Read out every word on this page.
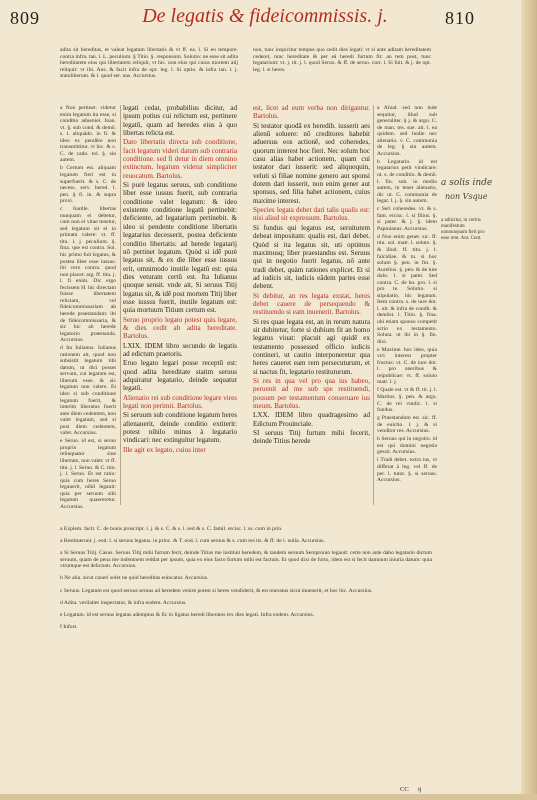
809	De legatis & fideicommissis. j.	810
adita sit hereditas, et valeat legatum libertatis & vt ff. ea. l. Si eo tempore. contra infra. tan. l. L. peculium. § Titio. §. responsum. Solutio: ne esse sit adita hereditatem eius qui libertatem reliquit, vt hic. non eius qui cuius mortem alij reliquit: vt ibi. Ans. & facit infra de opt. leg. l. Si optio. & infra tan. l. j. statuliberum. & l. quod ser. uus. Accursius.
non, tunc inspicitur tempus quo cedit dies legati: vt si ante aditam hereditatem cederet, tunc hereditate & per eā heredi furtum fit: an tem post, tunc legatarium: vt. j. tit. j. l. quod Seruo. & ff. de seruo. corr. l. Si fuit. & j. de opt. leg. l. si heres.

a Non pertinet. videtur enim legatum ita esse, si conditio adueniet. Ioan. vt. §. sub cond. & demõ. s. l. aliquādo. in fi. & ideo ex pendēre non transmittitur. vt hic. & s. C. de cadu. tol. §. sin autem.

b Certum est. aliquam legatum fieri est in superfuerit. & s. C. de necess. serv. hered. l. pen. § fi. in. & supra proxi.

c Inutile. libertas nunquam ei debetur, cum non ei vitae tenetur, sed legatum sit ei in primam valere: vt. ff. titu. l. j. peculium. §. fina. que est contra. Sol. hic primo fuit legatus, & postea liber esse iussus: ibi vero contra. quod non placet: arg. ff. titu. j. l. fi enim. Dic ergo fecissem H. hic directam fuisse libertatem relictam, vel fideicommissariam ab herede praestandam: ibi de fideicommissaria, & sic hic ab herede legatorio praestanda. Accursius.

d Ita Iulianus. Iulianus rationem ait, quod non subsistit legatum tibi datum, ut dici posset servum, cui legatum est, liberum esse. & sic legatum non valere. Et ideo si sub conditione legatum fuerit, & interim liberatus fuerit ante diem cedentem, non valet legatum, sed si post diem cedentem, valet. Accursius.

e Seruo. id est, si seruo proprio legatum relinquatur sine libertate, non valet: vt ff. titu. j. l. Seruo. & C. titu. j. l. Seruo. Et est ratio: quia cum heres Seruo legauerit, nihil legauit: quia per seruum sibi legatum quaereretur. Accursius.

legati cedat, probabilius dicitur, ad ipsum potius cui relictum est, pertinere legatũ, quam ad heredes eius à quo libertas relicta est.

Dato libertatis directa sub conditione, facit legatum videri datum sub contraria conditione. sed fi detur in diem omnino extinctum, legatum videtur simpliciter reuocatum. Bartolus.

Si purè legatus seruus, sub conditione liber esse iussus fuerit, sub contraria conditione valet legatum: & ideo existente conditione legatū pertinebit: deficiente, ad legatarium pertinebit. & ideo si pendente conditione libertatis legatarius decesserit, postea deficiente conditio libertatis: ad herede legatarij nõ pertinet legatum. Quòd si idē purè legatus sit, & ex die liber esse iussus erit, omnimodo inutile legatũ est: quia dies veturam certū est. Ita Iulianus quoque sensit. vnde ait, Si seruus Titij legatus sit, & idē post mortem Titij liber esse iussus fuerit, inutile legatum est: quia mortuum Titium certum est.

Seruo proprio legato potest quis legare, & dies cedit ab adita hereditate. Bartolus.

LXIX. IDEM libro secundo de legatis ad edictum praetoris.

Eruo legato legari posse receptū est: quod adita hereditate statim seruus adquiratur legatario, deinde sequatur legatū.

Alienatio rei sub conditione legare vires legati non perimit. Bartolus.

Si seruum sub conditione legatum heres alienauerit, deinde conditio extiterit: potest nihilo minus à legatario vindicari: nec extinguitur legatum.

Ille agit ex legato, cuius inter

est, licet ad eum verba non dirigantur. Bartolus.

Si testator quodā ex heredib. iusserit aes alienū soluere: nõ creditores habebit aduersus eos actionē, sed coheredes, quorum interest hoc fieri. Nec solum hoc casu alias habet actionem, quam cui testator dari iusserit: sed aliquoquin, veluti si filiae nomine genero aut sponsi dotem dari iusserit, non enim gener aut sponsus, sed filia habet actionem, cuius maxime interest.

Species legata debet dari talis qualis est: nisi aliud sit expressum. Bartolus.

Si fundus qui legatus est, seruitutem debeat impositam: qualis est, dari debet. Quòd si ita legatus sit, uti optimus maximusq; liber praestandus est. Seruus qui in negotio fuerit legatus, nõ ante tradi debet, quàm rationes explicet. Et si ad iudicis sit, iudicis eādem partes esse debent.

Si debitur, an res legata exstat, heres debet cauere de persequendo & restituendo si eam inuenerit. Bartolus.

Si res quae legata est, an in rerum natura sit dubitetur, forte si dubium fit an homo legatus viuat: placuit agi quidē ex testamento possessed officio iudicis contineri, ut cautio interponeretur qua heres caueret eam rem persecuturum, et si nactus fit, legatario restituturum.

Si res in qua vel pro qua ius habeo, peruenit ad me sub spe restituendi, possum per testamentum conseruare ius meum. Bartolus.

LXX. IDEM libro quadragesimo ad Edictum Prouinciale.

SI seruus Titij furtum mihi fecerit, deinde Titius herede

a Aliud. sed non inde sequitur, illud sub generaliter. § j. & argu. C. de man. tes. sue. ait. l. ea quidem. sed hodie nec alienatio. v. C. communia de leg. § sin autem. Accursius.

b Legatario. id est legatarius petit vindicare: ut. s. de conditio. & demõ. l. fin. sub. in medio autem, in tenet alienatio, dic ut. C. communia de legat. l. j. §. sin autem.

c Seri coheredes. vt. & s. fam. ercisc. l. si filius. §. si pater. & j. §. idem Papinianus. Accursius.

d Non enim gener. sic. ff. titu. sol. matr. l. soluto. §. & illud. ff. titu. j. l. falcidiae. & tu. si hoc solum §. pen. in fin. §. Aurelius. §. pen. & de tute dolo. l. si pater. Sed contra. C. de ho. pro. l. si pro te. Solutio. si stipulatio, hic legatum. Item contra. s. de iure dot. l. ult. & infra de condit. & demõst. l. Titio. §. fina. ubi etiam sponso competit actio ex testamento. Soluta. ut ibi in §. fin. dixi.

e Maxime. hoc ideo, quia viri interest propter fructus: vt. C. de iure dot. l. pro oneribus & reipublicae: vt. ff. soluto matr. l. j.

f Quale est. vt & ff. tit. j. l. Martius. §. pen. & argu. C. de rei vindic. l. si fundus.

g Praestandum est. sic. ff. de euictio. l. j. & si venditor res. Accursius.

h Seruus qui in negotio. id est qui domini negotia gessit. Accursius.

i Tradi debet. extra ius, vt differat à leg. vel ff. de per. l. tutor. §. si seruus. Accursius.

a adiicitur, in verbis manifestum nonnunquam fieri pro esse rem. Ant. Cont.
a solis inde
non Vsque

a Explem. facit. C. de bonis proscript. l. j. & s. C. & s. l. sed & s. C. famil. ercisc. l. ss. cum in prin.

a Restituerunt. j. eod. l. si seruus legatus. in princ. & T. eod. l. cum seruus & s. cum res tis. & ff. de l. nulla. Accursius.

a Si Seruus Titij. Casus. Seruus Titij mihi furtum fecit, deinde Titius me instituit heredem, & tandem seruum Sempronio legauit: certe non ante dabo legatario dictum seruum, quam de pena me indemnem reddat per ipsum, quia ex eius facto furtum mihi est factum. Et quod dixi de furto, idem est si fecit damnum iniuria datum: quia vtrumque est delictum. Accursius.

b Ne alia. sicut caueri solet ne quid hereditas euincatur. Accursius.

c Seruus. Legatum est quod seruus seruus ad heredem venire potest si heres vendiderit, & est oneratus sicut inuenerit, et hoc hic. Accursius.

d Adita. verilaiter inspectatur, & infra eodem. Accursius.

e Legatum. id est seruus legatus ademptus & fic in ligatus heredi liberatos lex dies legati. Infra eodem. Accursius.

f Infort.

CC ij
